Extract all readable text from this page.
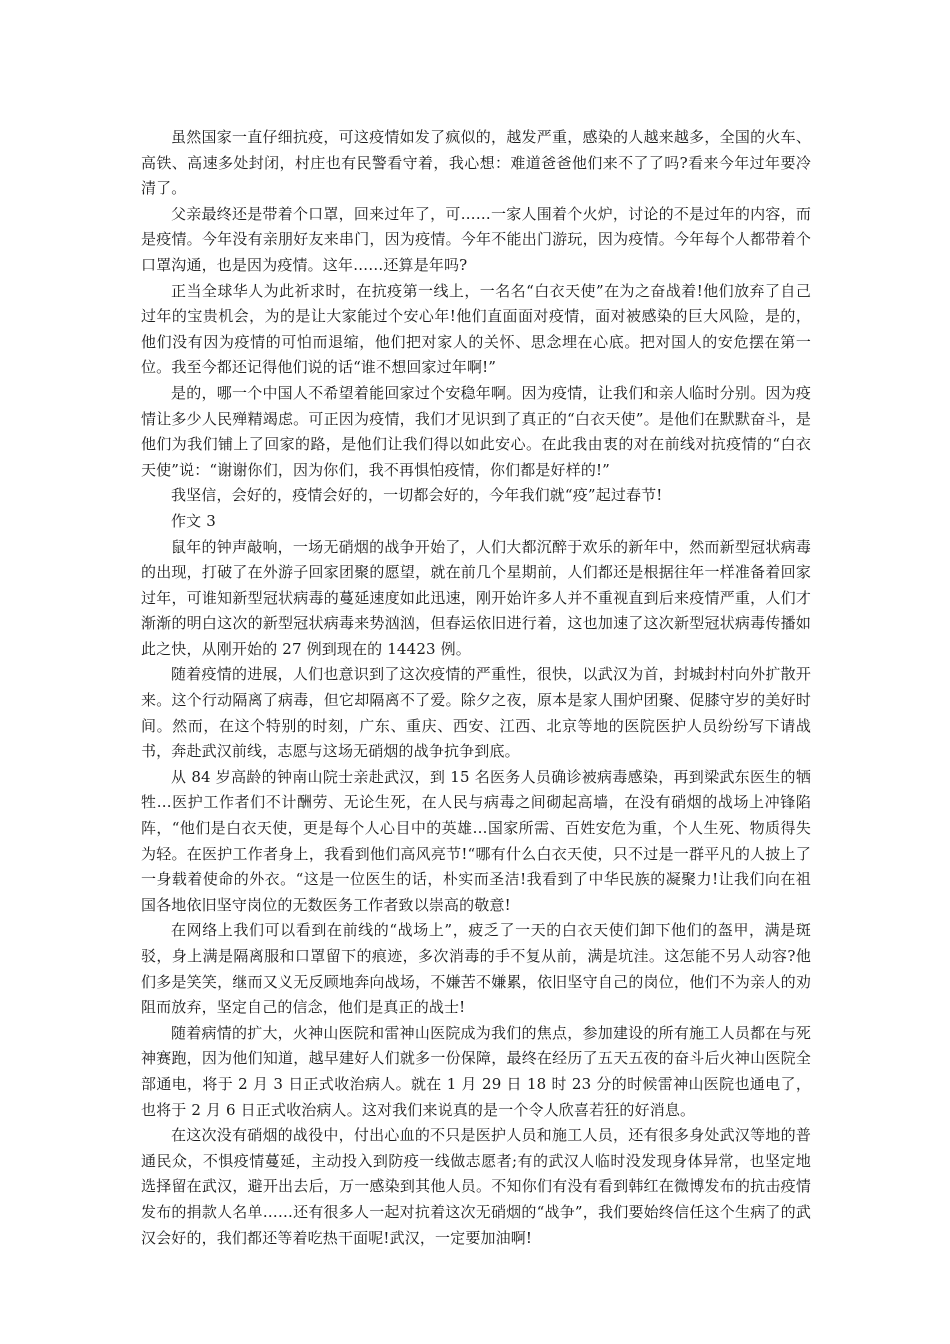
虽然国家一直仔细抗疫，可这疫情如发了疯似的，越发严重，感染的人越来越多，全国的火车、高铁、高速多处封闭，村庄也有民警看守着，我心想：难道爸爸他们来不了了吗?看来今年过年要冷清了。

父亲最终还是带着个口罩，回来过年了，可……一家人围着个火炉，讨论的不是过年的内容，而是疫情。今年没有亲朋好友来串门，因为疫情。今年不能出门游玩，因为疫情。今年每个人都带着个口罩沟通，也是因为疫情。这年……还算是年吗?

正当全球华人为此祈求时，在抗疫第一线上，一名名“白衣天使”在为之奋战着!他们放弃了自己过年的宝贵机会，为的是让大家能过个安心年!他们直面面对疫情，面对被感染的巨大风险，是的，他们没有因为疫情的可怕而退缩，他们把对家人的关怀、思念埋在心底。把对国人的安危摆在第一位。我至今都还记得他们说的话“谁不想回家过年啊!”

是的，哪一个中国人不希望着能回家过个安稳年啊。因为疫情，让我们和亲人临时分别。因为疫情让多少人民殚精竭虑。可正因为疫情，我们才见识到了真正的“白衣天使”。是他们在默默奋斗，是他们为我们铺上了回家的路，是他们让我们得以如此安心。在此我由衷的对在前线对抗疫情的“白衣天使”说：“谢谢你们，因为你们，我不再惧怕疫情，你们都是好样的!”

我坚信，会好的，疫情会好的，一切都会好的，今年我们就“疫”起过春节!

作文 3

鼠年的钟声敲响，一场无硝烟的战争开始了，人们大都沉醉于欢乐的新年中，然而新型冠状病毒的出现，打破了在外游子回家团聚的愿望，就在前几个星期前，人们都还是根据往年一样准备着回家过年，可谁知新型冠状病毒的蔓延速度如此迅速，刚开始许多人并不重视直到后来疫情严重，人们才渐渐的明白这次的新型冠状病毒来势汹汹，但春运依旧进行着，这也加速了这次新型冠状病毒传播如此之快，从刚开始的 27 例到现在的 14423 例。

随着疫情的进展，人们也意识到了这次疫情的严重性，很快，以武汉为首，封城封村向外扩散开来。这个行动隔离了病毒，但它却隔离不了爱。除夕之夜，原本是家人围炉团聚、促膝守岁的美好时间。然而，在这个特别的时刻，广东、重庆、西安、江西、北京等地的医院医护人员纷纷写下请战书，奔赴武汉前线，志愿与这场无硝烟的战争抗争到底。

从 84 岁高龄的钟南山院士亲赴武汉，到 15 名医务人员确诊被病毒感染，再到梁武东医生的牺牲…医护工作者们不计酬劳、无论生死，在人民与病毒之间砌起高墙，在没有硝烟的战场上冲锋陷阵，“他们是白衣天使，更是每个人心目中的英雄…国家所需、百姓安危为重，个人生死、物质得失为轻。在医护工作者身上，我看到他们高风亮节!“哪有什么白衣天使，只不过是一群平凡的人披上了一身载着使命的外衣。“这是一位医生的话，朴实而圣洁!我看到了中华民族的凝聚力!让我们向在祖国各地依旧坚守岗位的无数医务工作者致以崇高的敬意!

在网络上我们可以看到在前线的“战场上”，疲乏了一天的白衣天使们卸下他们的盔甲，满是斑驳，身上满是隔离服和口罩留下的痕迹，多次消毒的手不复从前，满是坑洼。这怎能不另人动容?他们多是笑笑，继而又义无反顾地奔向战场，不嫌苦不嫌累，依旧坚守自己的岗位，他们不为亲人的劝阻而放弃，坚定自己的信念，他们是真正的战士!

随着病情的扩大，火神山医院和雷神山医院成为我们的焦点，参加建设的所有施工人员都在与死神赛跑，因为他们知道，越早建好人们就多一份保障，最终在经历了五天五夜的奋斗后火神山医院全部通电，将于 2 月 3 日正式收治病人。就在 1 月 29 日 18 时 23 分的时候雷神山医院也通电了，也将于 2 月 6 日正式收治病人。这对我们来说真的是一个令人欣喜若狂的好消息。

在这次没有硝烟的战役中，付出心血的不只是医护人员和施工人员，还有很多身处武汉等地的普通民众，不惧疫情蔓延，主动投入到防疫一线做志愿者;有的武汉人临时没发现身体异常，也坚定地选择留在武汉，避开出去后，万一感染到其他人员。不知你们有没有看到韩红在微博发布的抗击疫情发布的捐款人名单……还有很多人一起对抗着这次无硝烟的“战争”，我们要始终信任这个生病了的武汉会好的，我们都还等着吃热干面呢!武汉，一定要加油啊!
